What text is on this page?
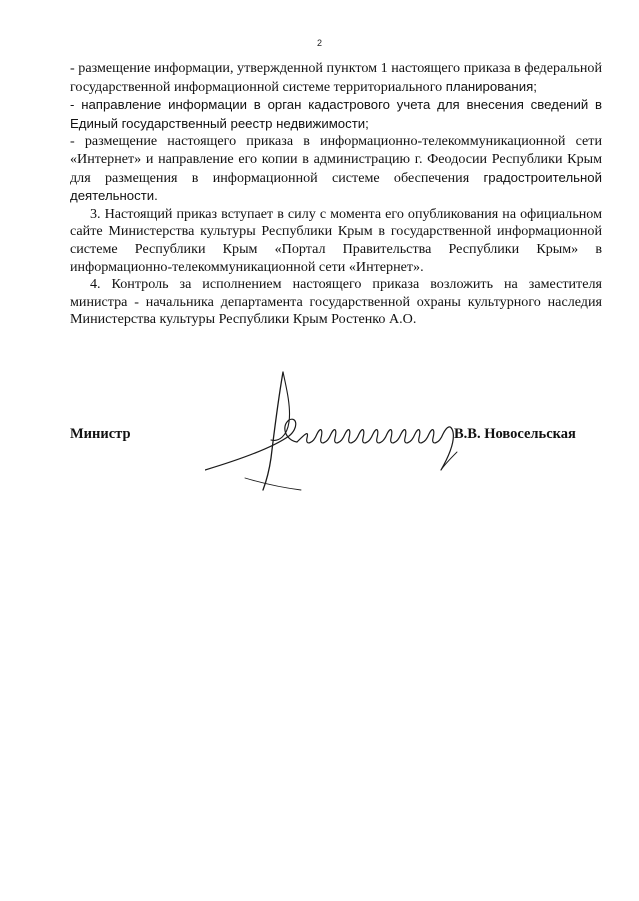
2

- размещение информации, утвержденной пунктом 1 настоящего приказа в федеральной государственной информационной системе территориального планирования;

- направление информации в орган кадастрового учета для внесения сведений в Единый государственный реестр недвижимости;

- размещение настоящего приказа в информационно-телекоммуникационной сети «Интернет» и направление его копии в администрацию г. Феодосии Республики Крым для размещения в информационной системе обеспечения градостроительной деятельности.

3. Настоящий приказ вступает в силу с момента его опубликования на официальном сайте Министерства культуры Республики Крым в государственной информационной системе Республики Крым «Портал Правительства Республики Крым» в информационно-телекоммуникационной сети «Интернет».

4. Контроль за исполнением настоящего приказа возложить на заместителя министра - начальника департамента государственной охраны культурного наследия Министерства культуры Республики Крым Ростенко А.О.

Министр	В.В. Новосельская
